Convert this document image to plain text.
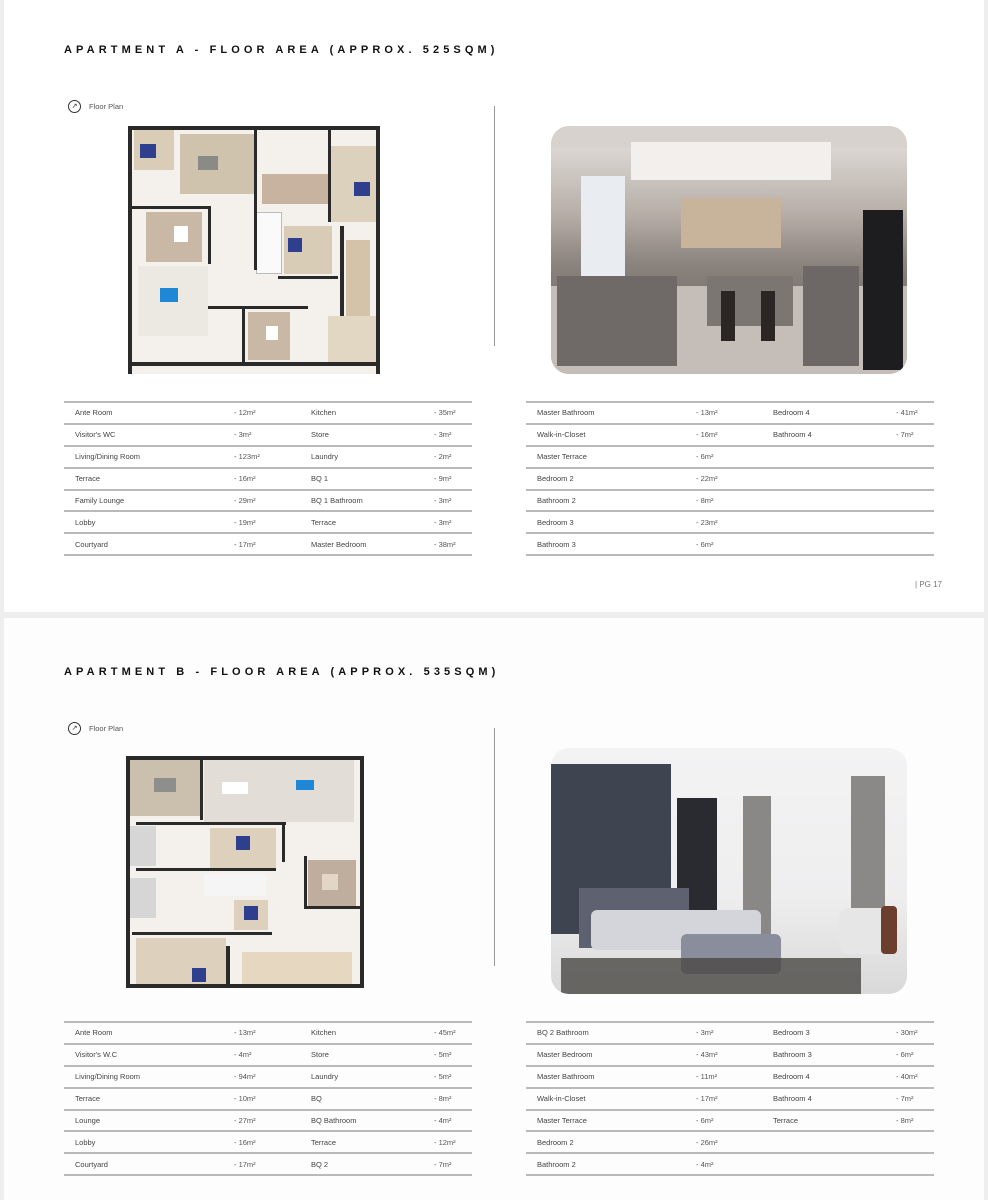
APARTMENT A - FLOOR AREA (APPROX. 525SQM)
↗	Floor Plan
Ante Room	- 12m²	Kitchen	- 35m²
Visitor's WC	- 3m²	Store	- 3m²
Living/Dining Room	- 123m²	Laundry	- 2m²
Terrace	- 16m²	BQ 1	- 9m²
Family Lounge	- 29m²	BQ 1 Bathroom	- 3m²
Lobby	- 19m²	Terrace	- 3m²
Courtyard	- 17m²	Master Bedroom	- 38m²
Master Bathroom	- 13m²	Bedroom 4	- 41m²
Walk-in-Closet	- 16m²	Bathroom 4	- 7m²
Master Terrace	- 6m²		
Bedroom 2	- 22m²		
Bathroom 2	- 8m²		
Bedroom 3	- 23m²		
Bathroom 3	- 6m²		
| PG 17
APARTMENT B - FLOOR AREA (APPROX. 535SQM)
↗	Floor Plan
Ante Room	- 13m²	Kitchen	- 45m²
Visitor's W.C	- 4m²	Store	- 5m²
Living/Dining Room	- 94m²	Laundry	- 5m²
Terrace	- 10m²	BQ	- 8m²
Lounge	- 27m²	BQ Bathroom	- 4m²
Lobby	- 16m²	Terrace	- 12m²
Courtyard	- 17m²	BQ 2	- 7m²
BQ 2 Bathroom	- 3m²	Bedroom 3	- 30m²
Master Bedroom	- 43m²	Bathroom 3	- 6m²
Master Bathroom	- 11m²	Bedroom 4	- 40m²
Walk-in-Closet	- 17m²	Bathroom 4	- 7m²
Master Terrace	- 6m²	Terrace	- 8m²
Bedroom 2	- 26m²		
Bathroom 2	- 4m²		
